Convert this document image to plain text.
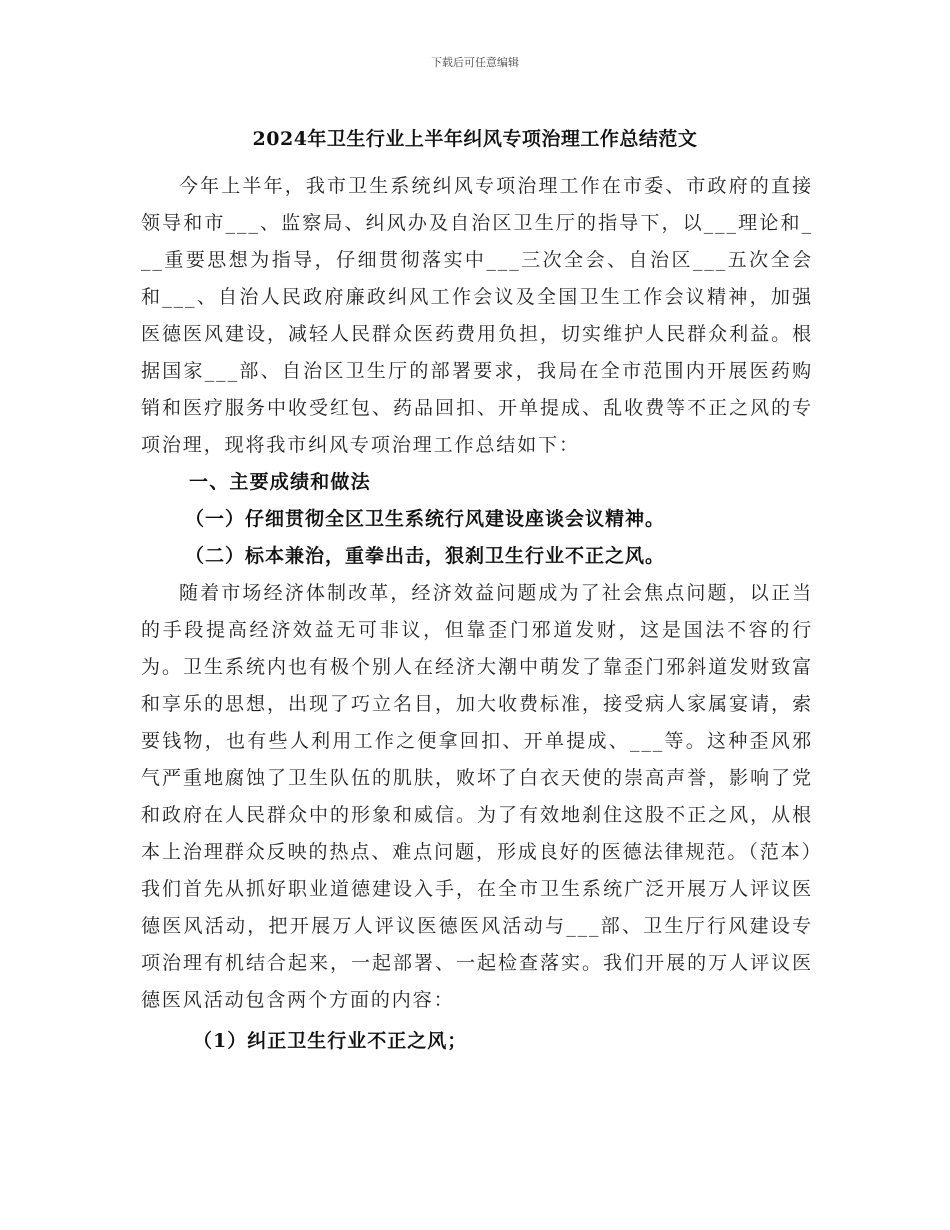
下载后可任意编辑
2024年卫生行业上半年纠风专项治理工作总结范文

今年上半年，我市卫生系统纠风专项治理工作在市委、市政府的直接领导和市___、监察局、纠风办及自治区卫生厅的指导下，以___理论和___重要思想为指导，仔细贯彻落实中___三次全会、自治区___五次全会和___、自治人民政府廉政纠风工作会议及全国卫生工作会议精神，加强医德医风建设，减轻人民群众医药费用负担，切实维护人民群众利益。根据国家___部、自治区卫生厅的部署要求，我局在全市范围内开展医药购销和医疗服务中收受红包、药品回扣、开单提成、乱收费等不正之风的专项治理，现将我市纠风专项治理工作总结如下：

一、主要成绩和做法

（一）仔细贯彻全区卫生系统行风建设座谈会议精神。

（二）标本兼治，重拳出击，狠刹卫生行业不正之风。

随着市场经济体制改革，经济效益问题成为了社会焦点问题，以正当的手段提高经济效益无可非议，但靠歪门邪道发财，这是国法不容的行为。卫生系统内也有极个别人在经济大潮中萌发了靠歪门邪斜道发财致富和享乐的思想，出现了巧立名目，加大收费标准，接受病人家属宴请，索要钱物，也有些人利用工作之便拿回扣、开单提成、___等。这种歪风邪气严重地腐蚀了卫生队伍的肌肤，败坏了白衣天使的崇高声誉，影响了党和政府在人民群众中的形象和威信。为了有效地刹住这股不正之风，从根本上治理群众反映的热点、难点问题，形成良好的医德法律规范。（范本）我们首先从抓好职业道德建设入手，在全市卫生系统广泛开展万人评议医德医风活动，把开展万人评议医德医风活动与___部、卫生厅行风建设专项治理有机结合起来，一起部署、一起检查落实。我们开展的万人评议医德医风活动包含两个方面的内容：

（1）纠正卫生行业不正之风；
